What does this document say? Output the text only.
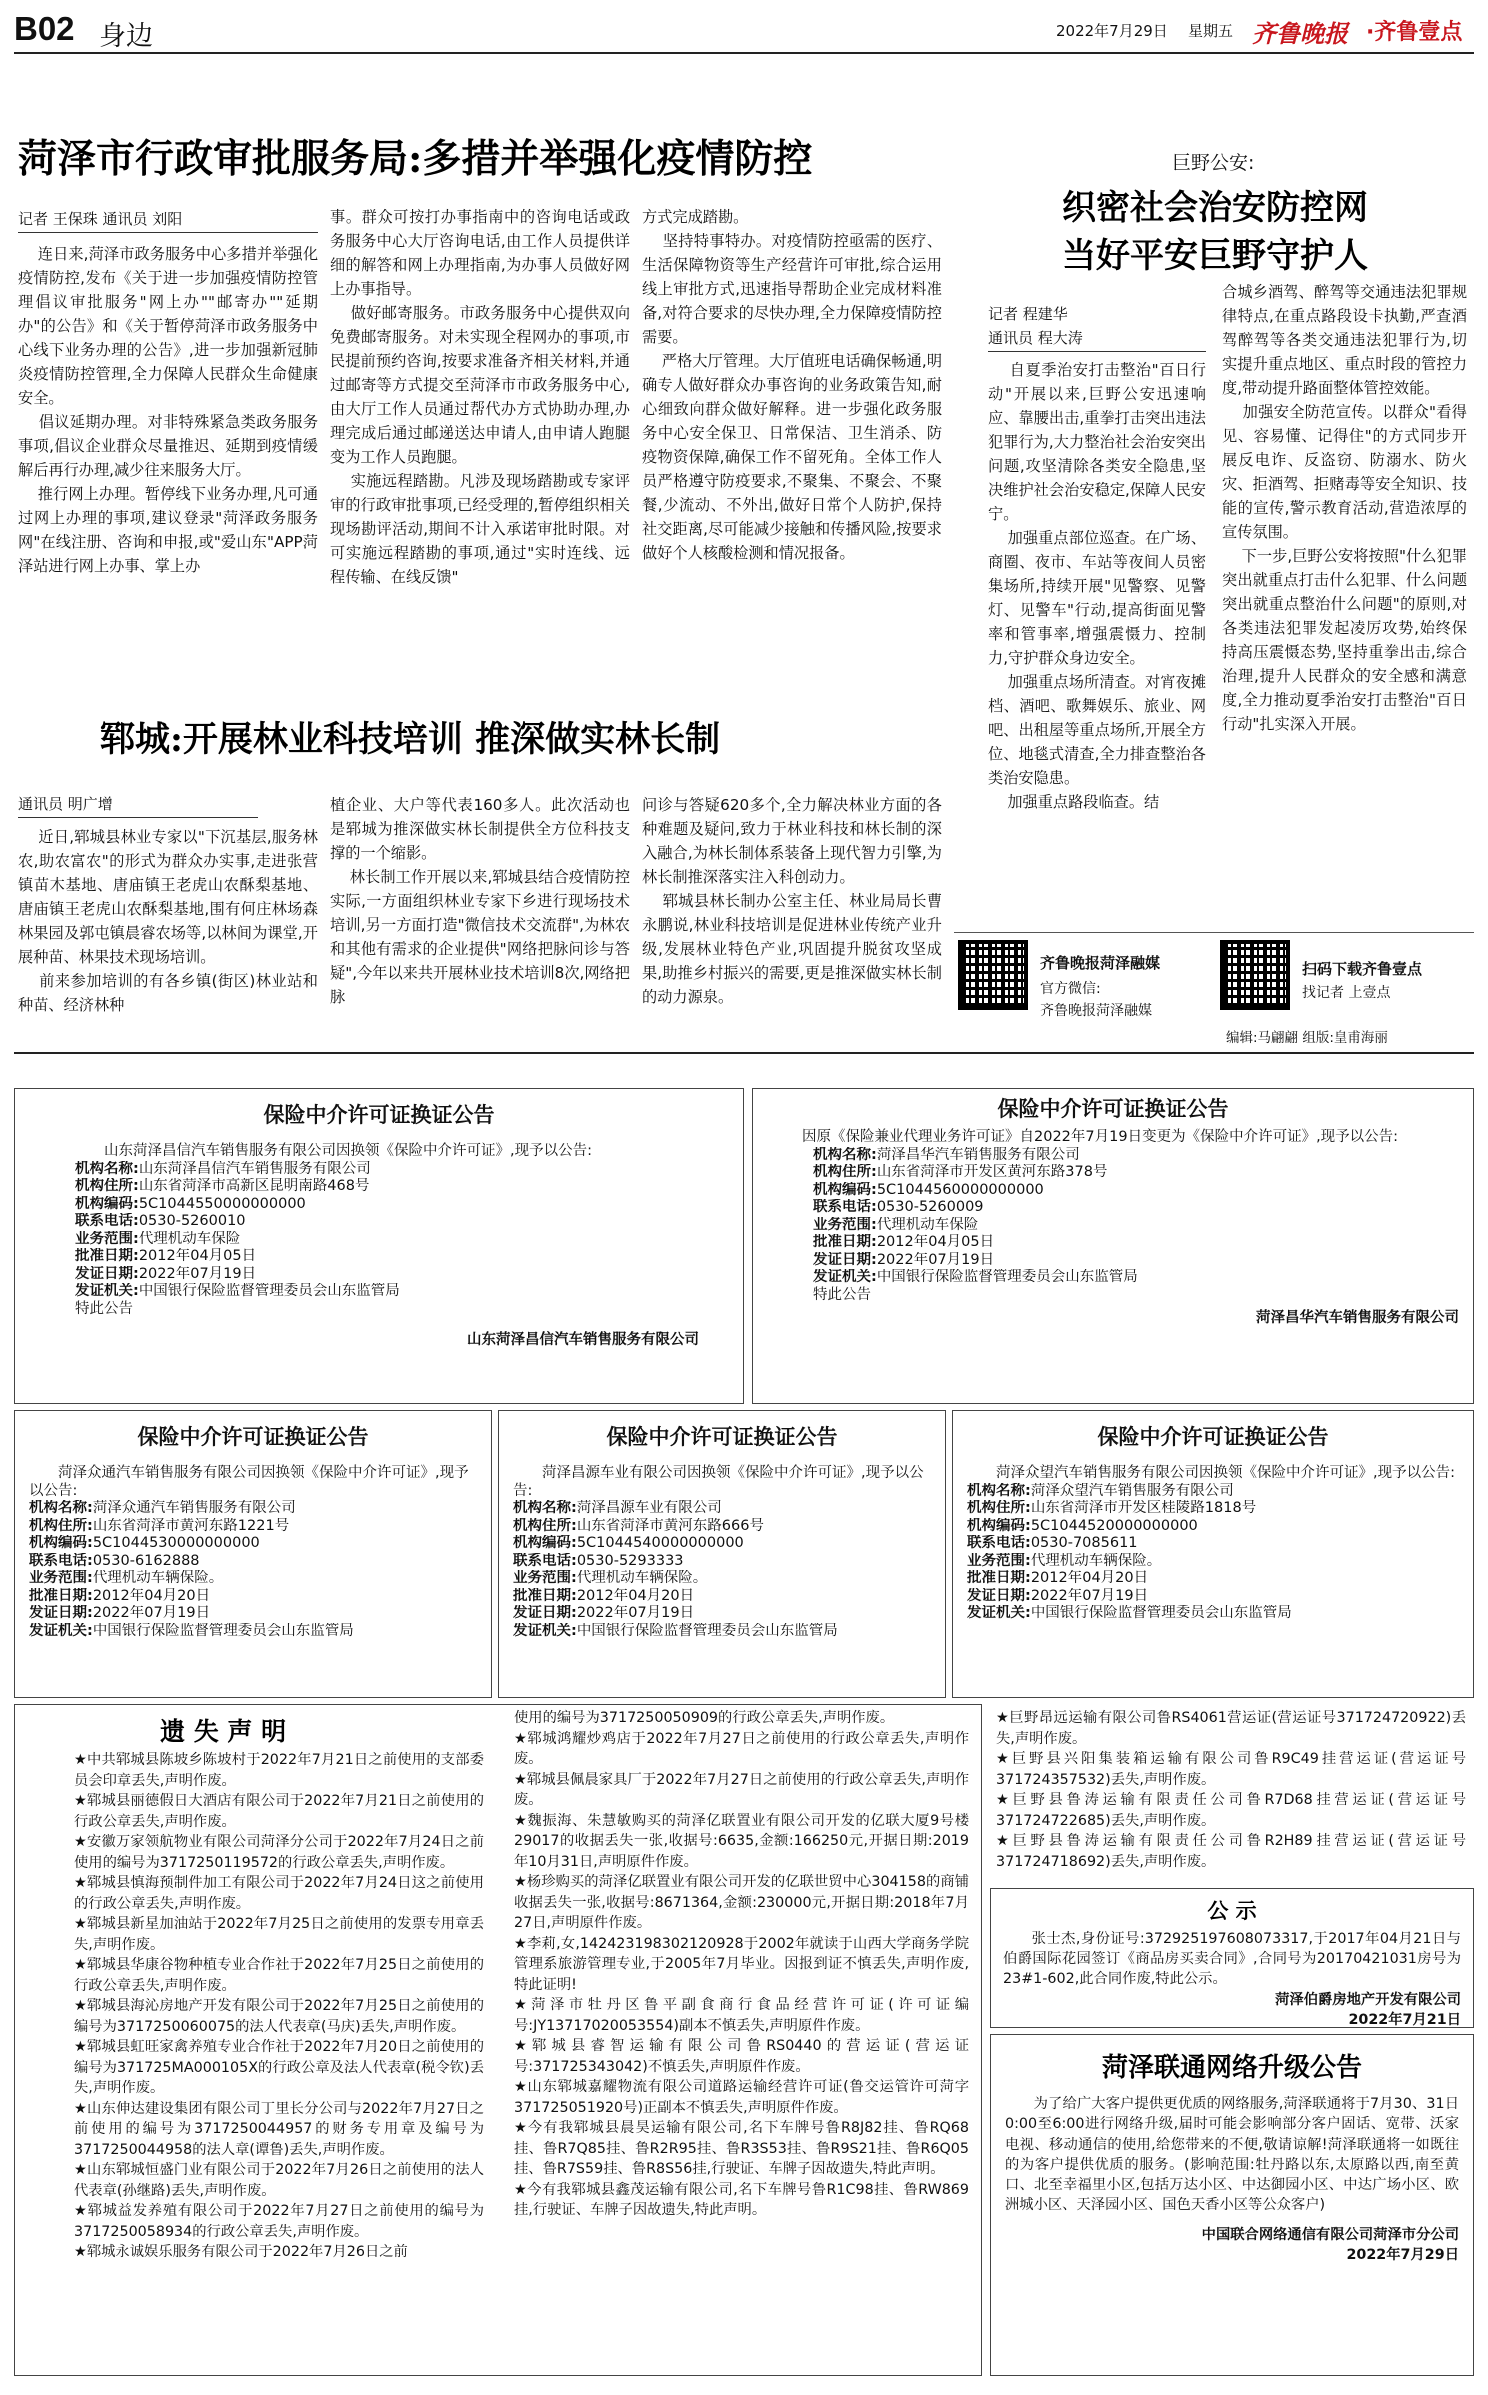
B02 身边	2022年7月29日 星期五 齐鲁晚报 ·齐鲁壹点
菏泽市行政审批服务局:多措并举强化疫情防控
记者 王保珠 通讯员 刘阳

连日来,菏泽市政务服务中心多措并举强化疫情防控,发布《关于进一步加强疫情防控管理倡议审批服务"网上办""邮寄办""延期办"的公告》和《关于暂停菏泽市政务服务中心线下业务办理的公告》,进一步加强新冠肺炎疫情防控管理,全力保障人民群众生命健康安全。
倡议延期办理。对非特殊紧急类政务服务事项,倡议企业群众尽量推迟、延期到疫情缓解后再行办理,减少往来服务大厅。
推行网上办理。暂停线下业务办理,凡可通过网上办理的事项,建议登录"菏泽政务服务网"在线注册、咨询和申报,或"爱山东"APP菏泽站进行网上办事、掌上办

事。群众可按打办事指南中的咨询电话或政务服务中心大厅咨询电话,由工作人员提供详细的解答和网上办理指南,为办事人员做好网上办事指导。
做好邮寄服务。市政务服务中心提供双向免费邮寄服务。对未实现全程网办的事项,市民提前预约咨询,按要求准备齐相关材料,并通过邮寄等方式提交至菏泽市市政务服务中心,由大厅工作人员通过帮代办方式协助办理,办理完成后通过邮递送达申请人,由申请人跑腿变为工作人员跑腿。
实施远程踏勘。凡涉及现场踏勘或专家评审的行政审批事项,已经受理的,暂停组织相关现场勘评活动,期间不计入承诺审批时限。对可实施远程踏勘的事项,通过"实时连线、远程传输、在线反馈"

方式完成踏勘。
坚持特事特办。对疫情防控亟需的医疗、生活保障物资等生产经营许可审批,综合运用线上审批方式,迅速指导帮助企业完成材料准备,对符合要求的尽快办理,全力保障疫情防控需要。
严格大厅管理。大厅值班电话确保畅通,明确专人做好群众办事咨询的业务政策告知,耐心细致向群众做好解释。进一步强化政务服务中心安全保卫、日常保洁、卫生消杀、防疫物资保障,确保工作不留死角。全体工作人员严格遵守防疫要求,不聚集、不聚会、不聚餐,少流动、不外出,做好日常个人防护,保持社交距离,尽可能减少接触和传播风险,按要求做好个人核酸检测和情况报备。

巨野公安:
织密社会治安防控网
当好平安巨野守护人
记者 程建华
通讯员 程大涛

自夏季治安打击整治"百日行动"开展以来,巨野公安迅速响应、靠腰出击,重拳打击突出违法犯罪行为,大力整治社会治安突出问题,攻坚清除各类安全隐患,坚决维护社会治安稳定,保障人民安宁。
加强重点部位巡查。在广场、商圈、夜市、车站等夜间人员密集场所,持续开展"见警察、见警灯、见警车"行动,提高街面见警率和管事率,增强震慑力、控制力,守护群众身边安全。
加强重点场所清查。对宵夜摊档、酒吧、歌舞娱乐、旅业、网吧、出租屋等重点场所,开展全方位、地毯式清查,全力排查整治各类治安隐患。
加强重点路段临查。结

合城乡酒驾、醉驾等交通违法犯罪规律特点,在重点路段设卡执勤,严查酒驾醉驾等各类交通违法犯罪行为,切实提升重点地区、重点时段的管控力度,带动提升路面整体管控效能。
加强安全防范宣传。以群众"看得见、容易懂、记得住"的方式同步开展反电诈、反盗窃、防溺水、防火灾、拒酒驾、拒赌毒等安全知识、技能的宣传,警示教育活动,营造浓厚的宣传氛围。
下一步,巨野公安将按照"什么犯罪突出就重点打击什么犯罪、什么问题突出就重点整治什么问题"的原则,对各类违法犯罪发起凌厉攻势,始终保持高压震慑态势,坚持重拳出击,综合治理,提升人民群众的安全感和满意度,全力推动夏季治安打击整治"百日行动"扎实深入开展。

郓城:开展林业科技培训 推深做实林长制
通讯员 明广增

近日,郓城县林业专家以"下沉基层,服务林农,助农富农"的形式为群众办实事,走进张营镇苗木基地、唐庙镇王老虎山农酥梨基地、唐庙镇王老虎山农酥梨基地,围有何庄林场森林果园及郭屯镇晨睿农场等,以林间为课堂,开展种苗、林果技术现场培训。
前来参加培训的有各乡镇(街区)林业站和种苗、经济林种

植企业、大户等代表160多人。此次活动也是郓城为推深做实林长制提供全方位科技支撑的一个缩影。
林长制工作开展以来,郓城县结合疫情防控实际,一方面组织林业专家下乡进行现场技术培训,另一方面打造"微信技术交流群",为林农和其他有需求的企业提供"网络把脉问诊与答疑",今年以来共开展林业技术培训8次,网络把脉

问诊与答疑620多个,全力解决林业方面的各种难题及疑问,致力于林业科技和林长制的深入融合,为林长制体系装备上现代智力引擎,为林长制推深落实注入科创动力。
郓城县林长制办公室主任、林业局局长曹永鹏说,林业科技培训是促进林业传统产业升级,发展林业特色产业,巩固提升脱贫攻坚成果,助推乡村振兴的需要,更是推深做实林长制的动力源泉。

齐鲁晚报菏泽融媒
官方微信:
齐鲁晚报菏泽融媒
扫码下载齐鲁壹点
找记者 上壹点
编辑:马翩翩 组版:皇甫海丽
保险中介许可证换证公告
山东菏泽昌信汽车销售服务有限公司因换领《保险中介许可证》,现予以公告:
机构名称:山东菏泽昌信汽车销售服务有限公司
机构住所:山东省菏泽市高新区昆明南路468号
机构编码:5C1044550000000000
联系电话:0530-5260010
业务范围:代理机动车保险
批准日期:2012年04月05日
发证日期:2022年07月19日
发证机关:中国银行保险监督管理委员会山东监管局
特此公告
山东菏泽昌信汽车销售服务有限公司
保险中介许可证换证公告
因原《保险兼业代理业务许可证》自2022年7月19日变更为《保险中介许可证》,现予以公告:
机构名称:菏泽昌华汽车销售服务有限公司
机构住所:山东省菏泽市开发区黄河东路378号
机构编码:5C1044560000000000
联系电话:0530-5260009
业务范围:代理机动车保险
批准日期:2012年04月05日
发证日期:2022年07月19日
发证机关:中国银行保险监督管理委员会山东监管局
特此公告
菏泽昌华汽车销售服务有限公司
保险中介许可证换证公告
菏泽众通汽车销售服务有限公司因换领《保险中介许可证》,现予以公告:
机构名称:菏泽众通汽车销售服务有限公司
机构住所:山东省菏泽市黄河东路1221号
机构编码:5C1044530000000000
联系电话:0530-6162888
业务范围:代理机动车辆保险。
批准日期:2012年04月20日
发证日期:2022年07月19日
发证机关:中国银行保险监督管理委员会山东监管局
保险中介许可证换证公告
菏泽昌源车业有限公司因换领《保险中介许可证》,现予以公告:
机构名称:菏泽昌源车业有限公司
机构住所:山东省菏泽市黄河东路666号
机构编码:5C1044540000000000
联系电话:0530-5293333
业务范围:代理机动车辆保险。
批准日期:2012年04月20日
发证日期:2022年07月19日
发证机关:中国银行保险监督管理委员会山东监管局
保险中介许可证换证公告
菏泽众望汽车销售服务有限公司因换领《保险中介许可证》,现予以公告:
机构名称:菏泽众望汽车销售服务有限公司
机构住所:山东省菏泽市开发区桂陵路1818号
机构编码:5C1044520000000000
联系电话:0530-7085611
业务范围:代理机动车辆保险。
批准日期:2012年04月20日
发证日期:2022年07月19日
发证机关:中国银行保险监督管理委员会山东监管局
遗 失 声 明

★中共郓城县陈坡乡陈坡村于2022年7月21日之前使用的支部委员会印章丢失,声明作废。

★郓城县丽德假日大酒店有限公司于2022年7月21日之前使用的行政公章丢失,声明作废。

★安徽万家领航物业有限公司菏泽分公司于2022年7月24日之前使用的编号为3717250119572的行政公章丢失,声明作废。

★郓城县慎海预制件加工有限公司于2022年7月24日这之前使用的行政公章丢失,声明作废。

★郓城县新星加油站于2022年7月25日之前使用的发票专用章丢失,声明作废。

★郓城县华康谷物种植专业合作社于2022年7月25日之前使用的行政公章丢失,声明作废。

★郓城县海沁房地产开发有限公司于2022年7月25日之前使用的编号为3717250060075的法人代表章(马庆)丢失,声明作废。

★郓城县虹旺家禽养殖专业合作社于2022年7月20日之前使用的编号为371725MA000105X的行政公章及法人代表章(税令钦)丢失,声明作废。

★山东伸达建设集团有限公司丁里长分公司与2022年7月27日之前使用的编号为3717250044957的财务专用章及编号为3717250044958的法人章(谭鲁)丢失,声明作废。

★山东郓城恒盛门业有限公司于2022年7月26日之前使用的法人代表章(孙继路)丢失,声明作废。

★郓城益发养殖有限公司于2022年7月27日之前使用的编号为3717250058934的行政公章丢失,声明作废。

★郓城永诚娱乐服务有限公司于2022年7月26日之前

使用的编号为3717250050909的行政公章丢失,声明作废。

★郓城鸿耀炒鸡店于2022年7月27日之前使用的行政公章丢失,声明作废。

★郓城县佩晨家具厂于2022年7月27日之前使用的行政公章丢失,声明作废。

★魏振海、朱慧敏购买的菏泽亿联置业有限公司开发的亿联大厦9号楼29017的收据丢失一张,收据号:6635,金额:166250元,开据日期:2019年10月31日,声明原件作废。

★杨珍购买的菏泽亿联置业有限公司开发的亿联世贸中心304158的商铺收据丢失一张,收据号:8671364,金额:230000元,开据日期:2018年7月27日,声明原件作废。

★李莉,女,142423198302120928于2002年就读于山西大学商务学院管理系旅游管理专业,于2005年7月毕业。因报到证不慎丢失,声明作废,特此证明!

★菏泽市牡丹区鲁平副食商行食品经营许可证(许可证编号:JY13717020053554)副本不慎丢失,声明原件作废。

★郓城县睿智运输有限公司鲁RS0440的营运证(营运证号:371725343042)不慎丢失,声明原件作废。

★山东郓城嘉耀物流有限公司道路运输经营许可证(鲁交运管许可菏字371725051920号)正副本不慎丢失,声明原件作废。

★今有我郓城县晨昊运输有限公司,名下车牌号鲁R8J82挂、鲁RQ68挂、鲁R7Q85挂、鲁R2R95挂、鲁R3S53挂、鲁R9S21挂、鲁R6Q05挂、鲁R7S59挂、鲁R8S56挂,行驶证、车牌子因故遗失,特此声明。

★今有我郓城县鑫茂运输有限公司,名下车牌号鲁R1C98挂、鲁RW869挂,行驶证、车牌子因故遗失,特此声明。

★巨野昂远运输有限公司鲁RS4061营运证(营运证号371724720922)丢失,声明作废。

★巨野县兴阳集装箱运输有限公司鲁R9C49挂营运证(营运证号371724357532)丢失,声明作废。

★巨野县鲁涛运输有限责任公司鲁R7D68挂营运证(营运证号371724722685)丢失,声明作废。

★巨野县鲁涛运输有限责任公司鲁R2H89挂营运证(营运证号371724718692)丢失,声明作废。

公 示
张士杰,身份证号:372925197608073317,于2017年04月21日与伯爵国际花园签订《商品房买卖合同》,合同号为20170421031房号为23#1-602,此合同作废,特此公示。
菏泽伯爵房地产开发有限公司
2022年7月21日
菏泽联通网络升级公告
为了给广大客户提供更优质的网络服务,菏泽联通将于7月30、31日0:00至6:00进行网络升级,届时可能会影响部分客户固话、宽带、沃家电视、移动通信的使用,给您带来的不便,敬请谅解!菏泽联通将一如既往的为客户提供优质的服务。(影响范围:牡丹路以东,太原路以西,南至黄口、北至幸福里小区,包括万达小区、中达御园小区、中达广场小区、欧洲城小区、天泽园小区、国色天香小区等公众客户)
中国联合网络通信有限公司菏泽市分公司
2022年7月29日
